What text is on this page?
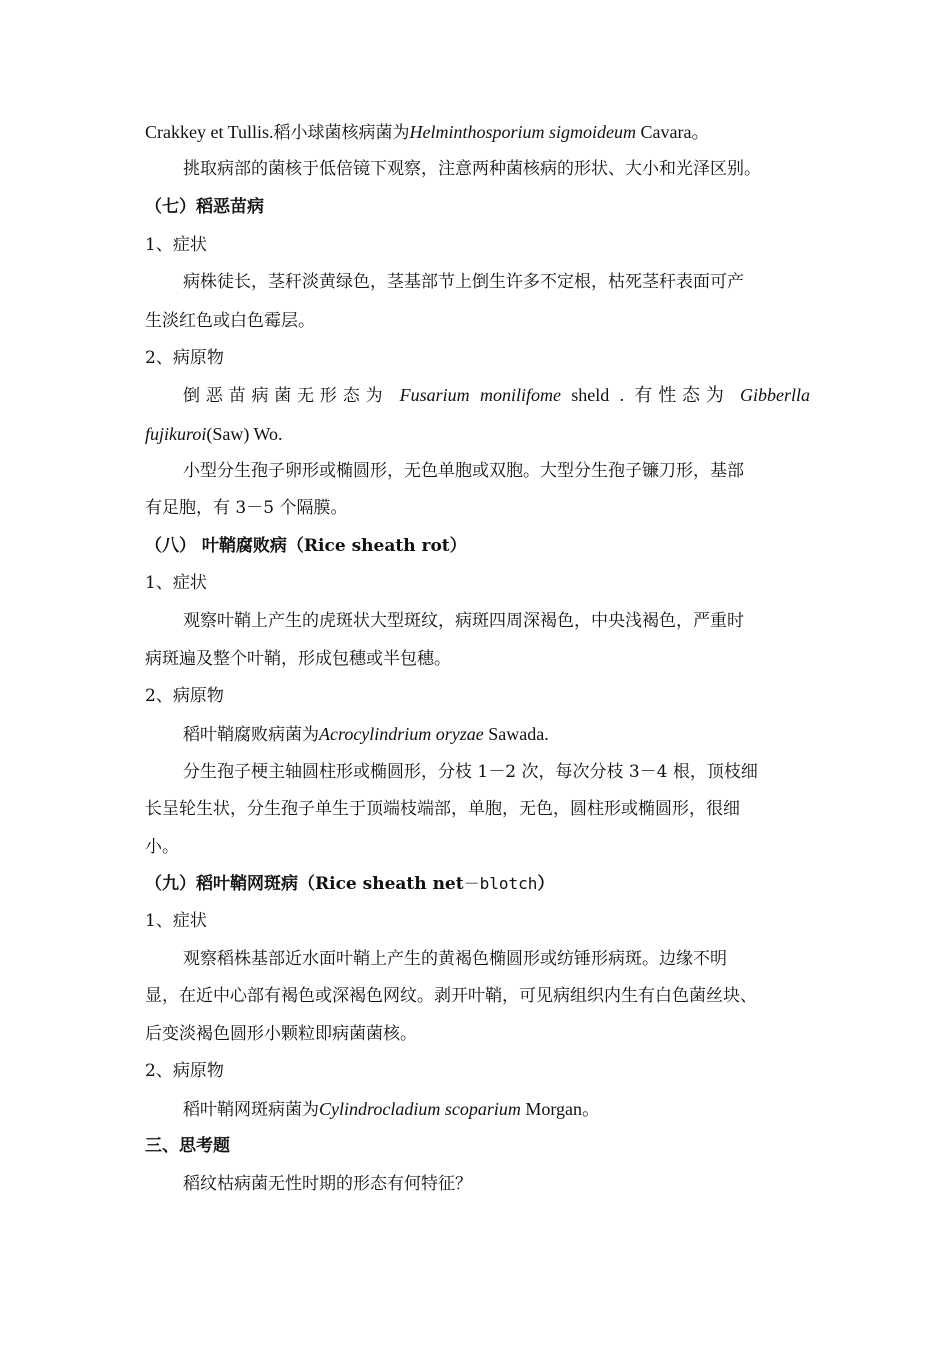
Crakkey et Tullis.稻小球菌核病菌为Helminthosporium sigmoideum Cavara。
挑取病部的菌核于低倍镜下观察，注意两种菌核病的形状、大小和光泽区别。
（七）稻恶苗病
1、症状
病株徒长，茎秆淡黄绿色，茎基部节上倒生许多不定根，枯死茎秆表面可产
生淡红色或白色霉层。
2、病原物
倒恶苗病菌无形态为 Fusarium monilifome sheld . 有性态为 Gibberlla
fujikuroi(Saw) Wo.
小型分生孢子卵形或椭圆形，无色单胞或双胞。大型分生孢子镰刀形，基部
有足胞，有 3－5 个隔膜。
（八） 叶鞘腐败病（Rice sheath rot）
1、症状
观察叶鞘上产生的虎斑状大型斑纹，病斑四周深褐色，中央浅褐色，严重时
病斑遍及整个叶鞘，形成包穗或半包穗。
2、病原物
稻叶鞘腐败病菌为Acrocylindrium oryzae Sawada.
分生孢子梗主轴圆柱形或椭圆形，分枝 1－2 次，每次分枝 3－4 根，顶枝细
长呈轮生状，分生孢子单生于顶端枝端部，单胞，无色，圆柱形或椭圆形，很细
小。
（九）稻叶鞘网斑病（Rice sheath net－blotch）
1、症状
观察稻株基部近水面叶鞘上产生的黄褐色椭圆形或纺锤形病斑。边缘不明
显，在近中心部有褐色或深褐色网纹。剥开叶鞘，可见病组织内生有白色菌丝块、
后变淡褐色圆形小颗粒即病菌菌核。
2、病原物
稻叶鞘网斑病菌为Cylindrocladium scoparium Morgan。
三、思考题
稻纹枯病菌无性时期的形态有何特征？
